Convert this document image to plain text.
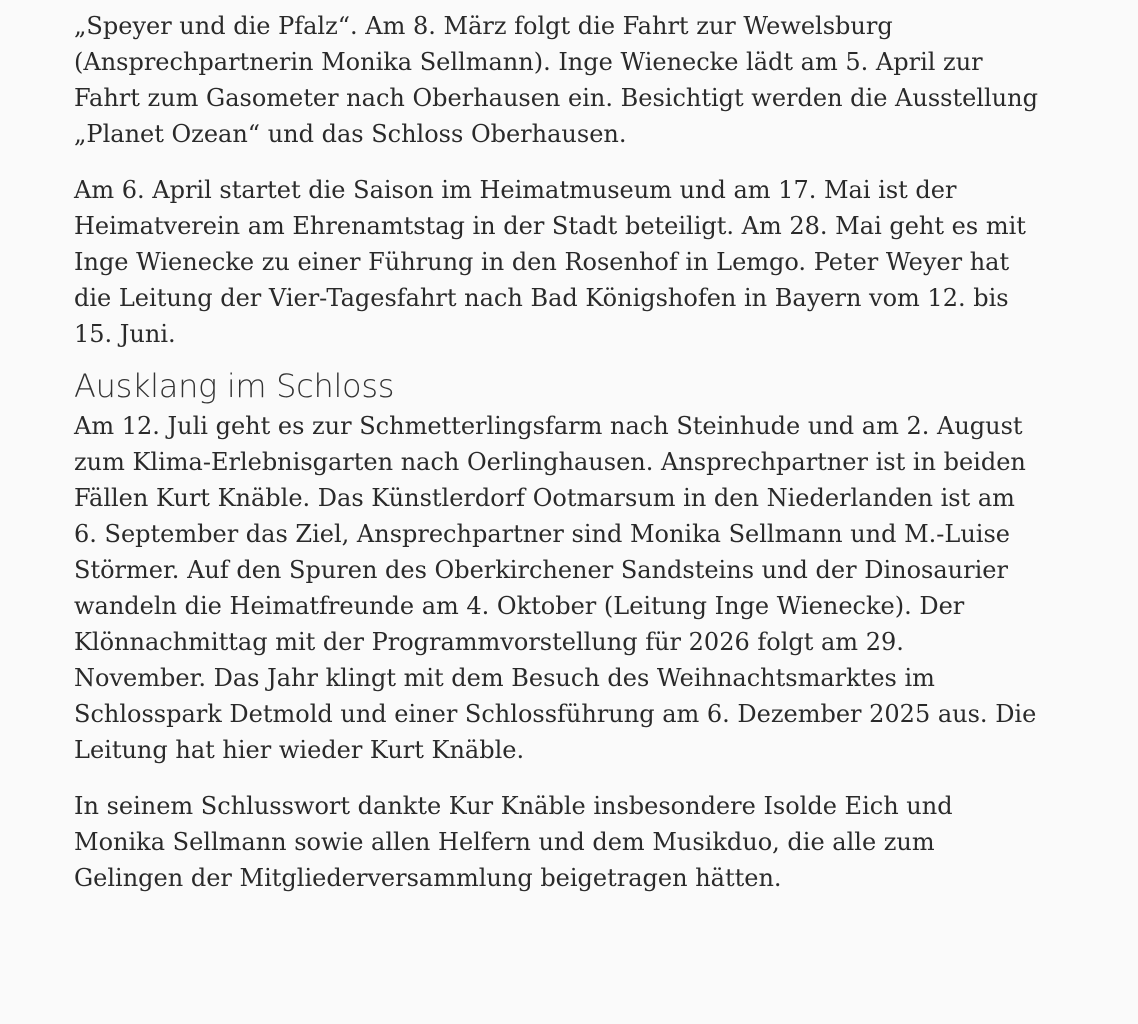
„Speyer und die Pfalz“. Am 8. März folgt die Fahrt zur Wewelsburg
(Ansprechpartnerin Monika Sellmann). Inge Wienecke lädt am 5. April zur
Fahrt zum Gasometer nach Oberhausen ein. Besichtigt werden die Ausstellung
„Planet Ozean“ und das Schloss Oberhausen.

Am 6. April startet die Saison im Heimatmuseum und am 17. Mai ist der
Heimatverein am Ehrenamtstag in der Stadt beteiligt. Am 28. Mai geht es mit
Inge Wienecke zu einer Führung in den Rosenhof in Lemgo. Peter Weyer hat
die Leitung der Vier-Tagesfahrt nach Bad Königshofen in Bayern vom 12. bis
15. Juni.

Ausklang im Schloss

Am 12. Juli geht es zur Schmetterlingsfarm nach Steinhude und am 2. August
zum Klima-Erlebnisgarten nach Oerlinghausen. Ansprechpartner ist in beiden
Fällen Kurt Knäble. Das Künstlerdorf Ootmarsum in den Niederlanden ist am
6. September das Ziel, Ansprechpartner sind Monika Sellmann und M.-Luise
Störmer. Auf den Spuren des Oberkirchener Sandsteins und der Dinosaurier
wandeln die Heimatfreunde am 4. Oktober (Leitung Inge Wienecke). Der
Klönnachmittag mit der Programmvorstellung für 2026 folgt am 29.
November. Das Jahr klingt mit dem Besuch des Weihnachtsmarktes im
Schlosspark Detmold und einer Schlossführung am 6. Dezember 2025 aus. Die
Leitung hat hier wieder Kurt Knäble.

In seinem Schlusswort dankte Kur Knäble insbesondere Isolde Eich und
Monika Sellmann sowie allen Helfern und dem Musikduo, die alle zum
Gelingen der Mitgliederversammlung beigetragen hätten.
